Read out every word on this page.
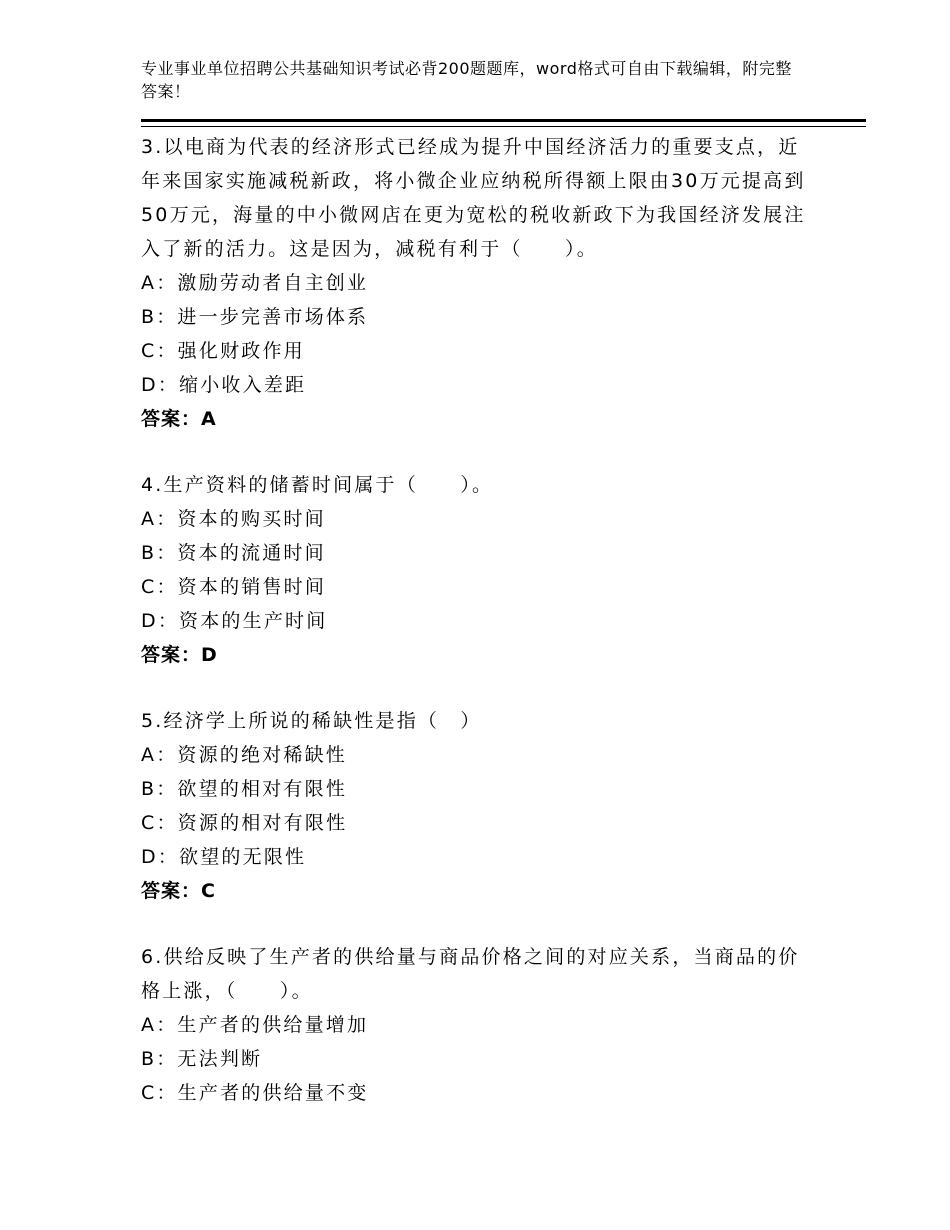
专业事业单位招聘公共基础知识考试必背200题题库，word格式可自由下载编辑，附完整答案！
3.以电商为代表的经济形式已经成为提升中国经济活力的重要支点，近年来国家实施减税新政，将小微企业应纳税所得额上限由30万元提高到50万元，海量的中小微网店在更为宽松的税收新政下为我国经济发展注入了新的活力。这是因为，减税有利于（　　）。
A：激励劳动者自主创业
B：进一步完善市场体系
C：强化财政作用
D：缩小收入差距
答案：A
4.生产资料的储蓄时间属于（　　）。
A：资本的购买时间
B：资本的流通时间
C：资本的销售时间
D：资本的生产时间
答案：D
5.经济学上所说的稀缺性是指（　）
A：资源的绝对稀缺性
B：欲望的相对有限性
C：资源的相对有限性
D：欲望的无限性
答案：C
6.供给反映了生产者的供给量与商品价格之间的对应关系，当商品的价格上涨，（　　）。
A：生产者的供给量增加
B：无法判断
C：生产者的供给量不变
